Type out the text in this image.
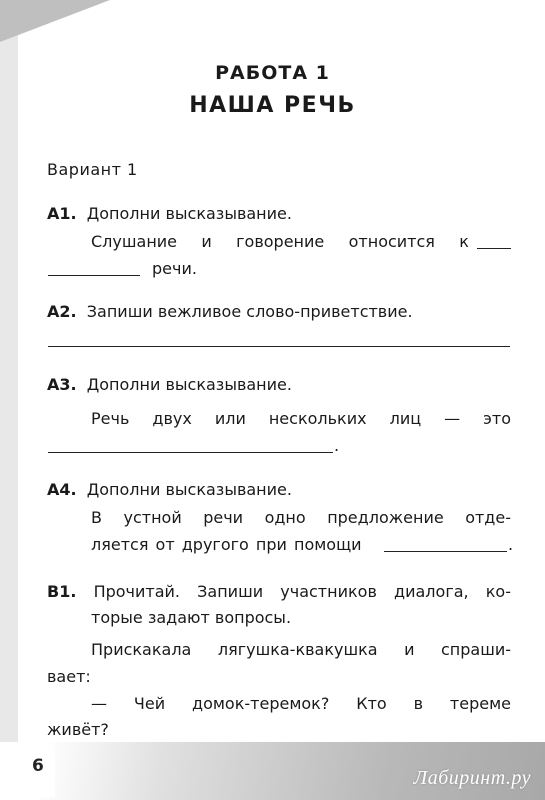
6
Лабиринт.ру
РАБОТА 1
НАША РЕЧЬ
Вариант 1
А1. Дополни высказывание.
Слушание и говорение относится к
речи.
А2. Запиши вежливое слово-приветствие.
А3. Дополни высказывание.
Речь двух или нескольких лиц — это
.
А4. Дополни высказывание.
В устной речи одно предложение отде-
ляется от другого при помощи	.
В1. Прочитай. Запиши участников диалога, ко-
торые задают вопросы.
Прискакала лягушка-квакушка и спраши-
вает:
— Чей домок-теремок? Кто в тереме
живёт?
